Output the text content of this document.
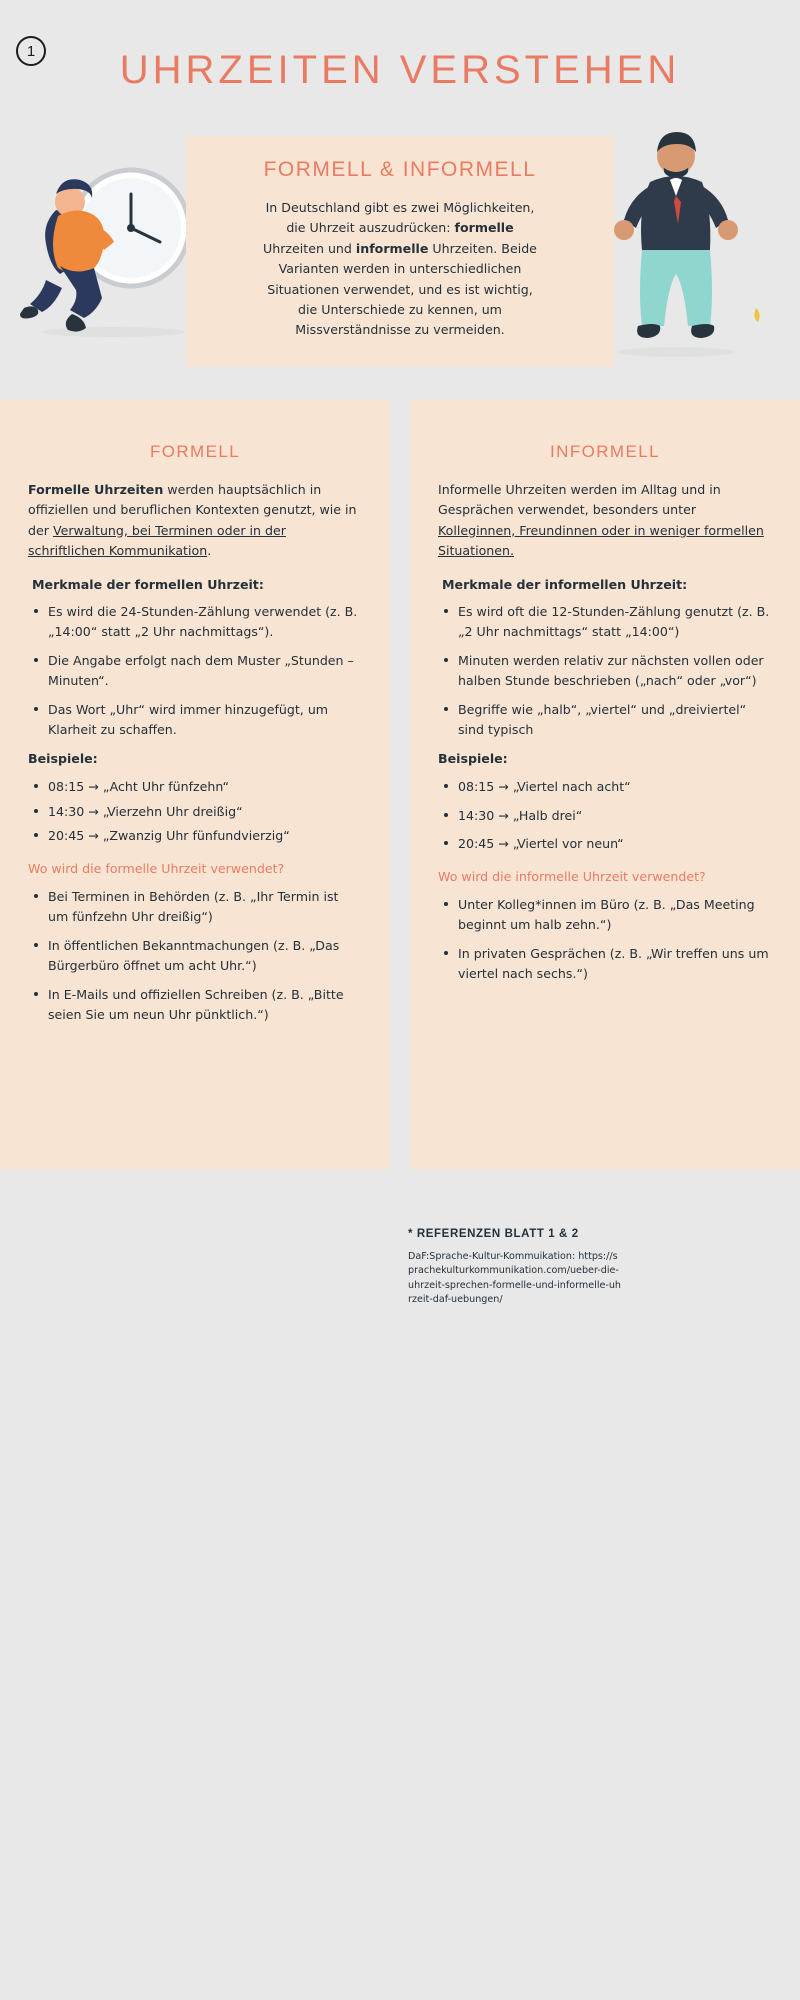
1	UHRZEITEN VERSTEHEN
FORMELL & INFORMELL
In Deutschland gibt es zwei Möglichkeiten, die Uhrzeit auszudrücken: formelle Uhrzeiten und informelle Uhrzeiten. Beide Varianten werden in unterschiedlichen Situationen verwendet, und es ist wichtig, die Unterschiede zu kennen, um Missverständnisse zu vermeiden.
FORMELL
Formelle Uhrzeiten werden hauptsächlich in offiziellen und beruflichen Kontexten genutzt, wie in der Verwaltung, bei Terminen oder in der schriftlichen Kommunikation.
Merkmale der formellen Uhrzeit:
Es wird die 24-Stunden-Zählung verwendet (z. B. „14:00“ statt „2 Uhr nachmittags“).
Die Angabe erfolgt nach dem Muster „Stunden – Minuten“.
Das Wort „Uhr“ wird immer hinzugefügt, um Klarheit zu schaffen.
Beispiele:
08:15 → „Acht Uhr fünfzehn“
14:30 → „Vierzehn Uhr dreißig“
20:45 → „Zwanzig Uhr fünfundvierzig“
Wo wird die formelle Uhrzeit verwendet?
Bei Terminen in Behörden (z. B. „Ihr Termin ist um fünfzehn Uhr dreißig“)
In öffentlichen Bekanntmachungen (z. B. „Das Bürgerbüro öffnet um acht Uhr.“)
In E-Mails und offiziellen Schreiben (z. B. „Bitte seien Sie um neun Uhr pünktlich.“)
INFORMELL
Informelle Uhrzeiten werden im Alltag und in Gesprächen verwendet, besonders unter Kolleginnen, Freundinnen oder in weniger formellen Situationen.
Merkmale der informellen Uhrzeit:
Es wird oft die 12-Stunden-Zählung genutzt (z. B. „2 Uhr nachmittags“ statt „14:00“)
Minuten werden relativ zur nächsten vollen oder halben Stunde beschrieben („nach“ oder „vor“)
Begriffe wie „halb“, „viertel“ und „dreiviertel“ sind typisch
Beispiele:
08:15 → „Viertel nach acht“
14:30 → „Halb drei“
20:45 → „Viertel vor neun“
Wo wird die informelle Uhrzeit verwendet?
Unter Kolleg*innen im Büro (z. B. „Das Meeting beginnt um halb zehn.“)
In privaten Gesprächen (z. B. „Wir treffen uns um viertel nach sechs.“)
* REFERENZEN BLATT 1 & 2
DaF:Sprache-Kultur-Kommuikation: https://sprachekulturkommunikation.com/ueber-die-uhrzeit-sprechen-formelle-und-informelle-uhrzeit-daf-uebungen/
